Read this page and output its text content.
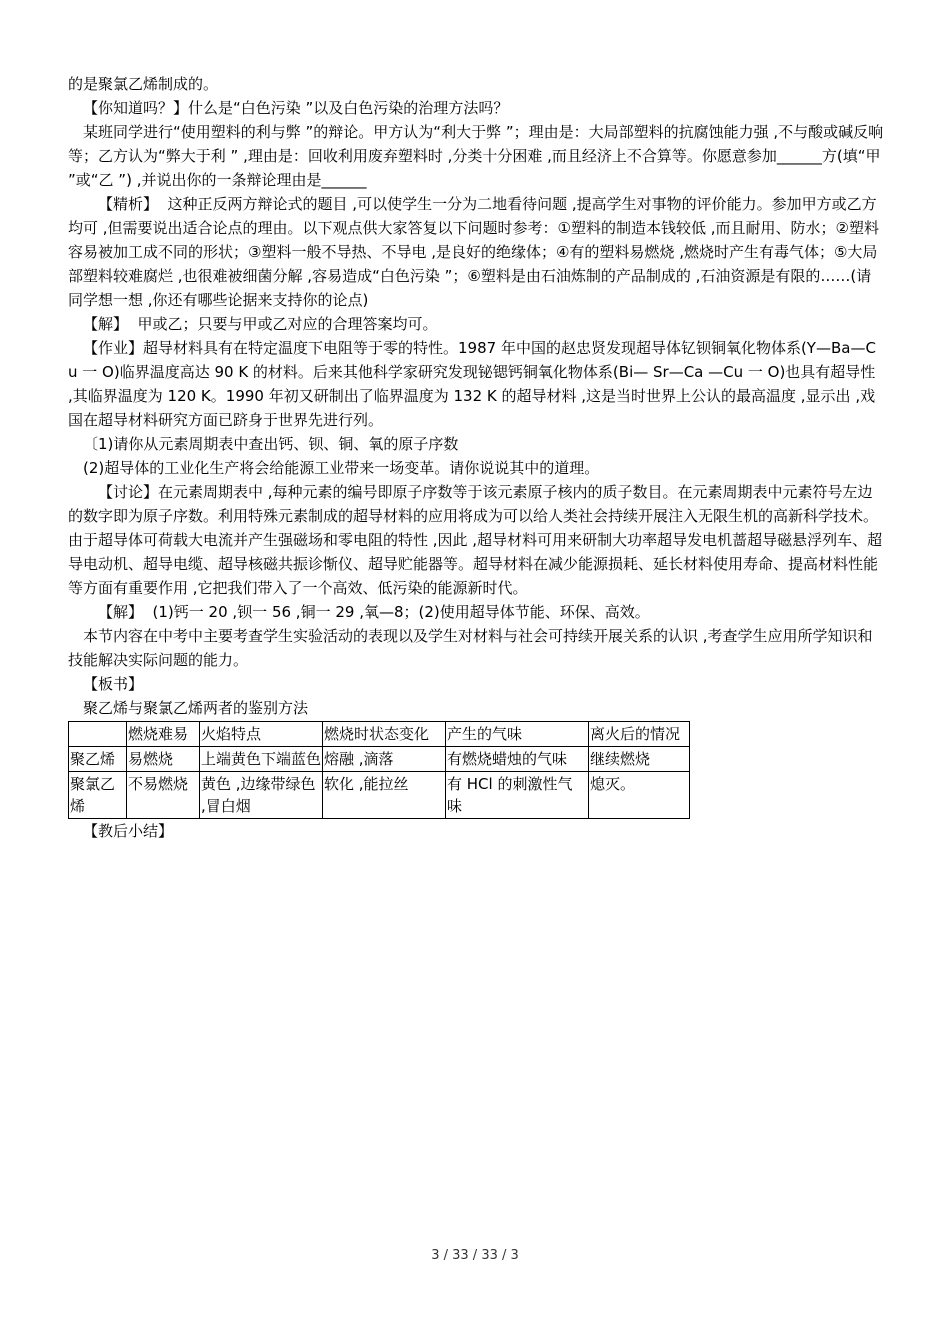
的是聚氯乙烯制成的。

【你知道吗？】什么是“白色污染 ”以及白色污染的治理方法吗？

某班同学进行“使用塑料的利与弊 ”的辩论。甲方认为“利大于弊 ”；理由是：大局部塑料的抗腐蚀能力强 ,不与酸或碱反响等；乙方认为“弊大于利 ” ,理由是：回收利用废弃塑料时 ,分类十分困难 ,而且经济上不合算等。你愿意参加______方(填“甲 ”或“乙 ”) ,并说出你的一条辩论理由是______

【精析】  这种正反两方辩论式的题目 ,可以使学生一分为二地看待问题 ,提高学生对事物的评价能力。参加甲方或乙方均可 ,但需要说出适合论点的理由。以下观点供大家答复以下问题时参考：①塑料的制造本钱较低 ,而且耐用、防水；②塑料容易被加工成不同的形状；③塑料一般不导热、不导电 ,是良好的绝缘体；④有的塑料易燃烧 ,燃烧时产生有毒气体；⑤大局部塑料较难腐烂 ,也很难被细菌分解 ,容易造成“白色污染 ”；⑥塑料是由石油炼制的产品制成的 ,石油资源是有限的……(请同学想一想 ,你还有哪些论据来支持你的论点)

【解】  甲或乙；只要与甲或乙对应的合理答案均可。

【作业】超导材料具有在特定温度下电阻等于零的特性。1987 年中国的赵忠贤发现超导体钇钡铜氧化物体系(Y—Ba—Cu 一 O)临界温度高达 90 K 的材料。后来其他科学家研究发现铋锶钙铜氧化物体系(Bi— Sr—Ca —Cu 一 O)也具有超导性 ,其临界温度为 120 K。1990 年初又研制出了临界温度为 132 K 的超导材料 ,这是当时世界上公认的最高温度 ,显示出 ,戏国在超导材料研究方面已跻身于世界先进行列。

〔1)请你从元素周期表中查出钙、钡、铜、氧的原子序数

(2)超导体的工业化生产将会给能源工业带来一场变革。请你说说其中的道理。

【讨论】在元素周期表中 ,每种元素的编号即原子序数等于该元素原子核内的质子数目。在元素周期表中元素符号左边的数字即为原子序数。利用特殊元素制成的超导材料的应用将成为可以给人类社会持续开展注入无限生机的高新科学技术。由于超导体可荷载大电流并产生强磁场和零电阻的特性 ,因此 ,超导材料可用来研制大功率超导发电机蔷超导磁悬浮列车、超导电动机、超导电缆、超导核磁共振诊惭仪、超导贮能器等。超导材料在减少能源损耗、延长材料使用寿命、提高材料性能等方面有重要作用 ,它把我们带入了一个高效、低污染的能源新时代。

【解】  (1)钙一 20 ,钡一 56 ,铜一 29 ,氧—8；(2)使用超导体节能、环保、高效。

本节内容在中考中主要考查学生实验活动的表现以及学生对材料与社会可持续开展关系的认识 ,考查学生应用所学知识和技能解决实际问题的能力。

【板书】

聚乙烯与聚氯乙烯两者的鉴别方法

	燃烧难易	火焰特点	燃烧时状态变化	产生的气味	离火后的情况
聚乙烯	易燃烧	上端黄色下端蓝色	熔融 ,滴落	有燃烧蜡烛的气味	继续燃烧
聚氯乙烯	不易燃烧	黄色 ,边缘带绿色 ,冒白烟	软化 ,能拉丝	有 HCl 的刺激性气味	熄灭。

【教后小结】

3 / 33 / 33 / 3
